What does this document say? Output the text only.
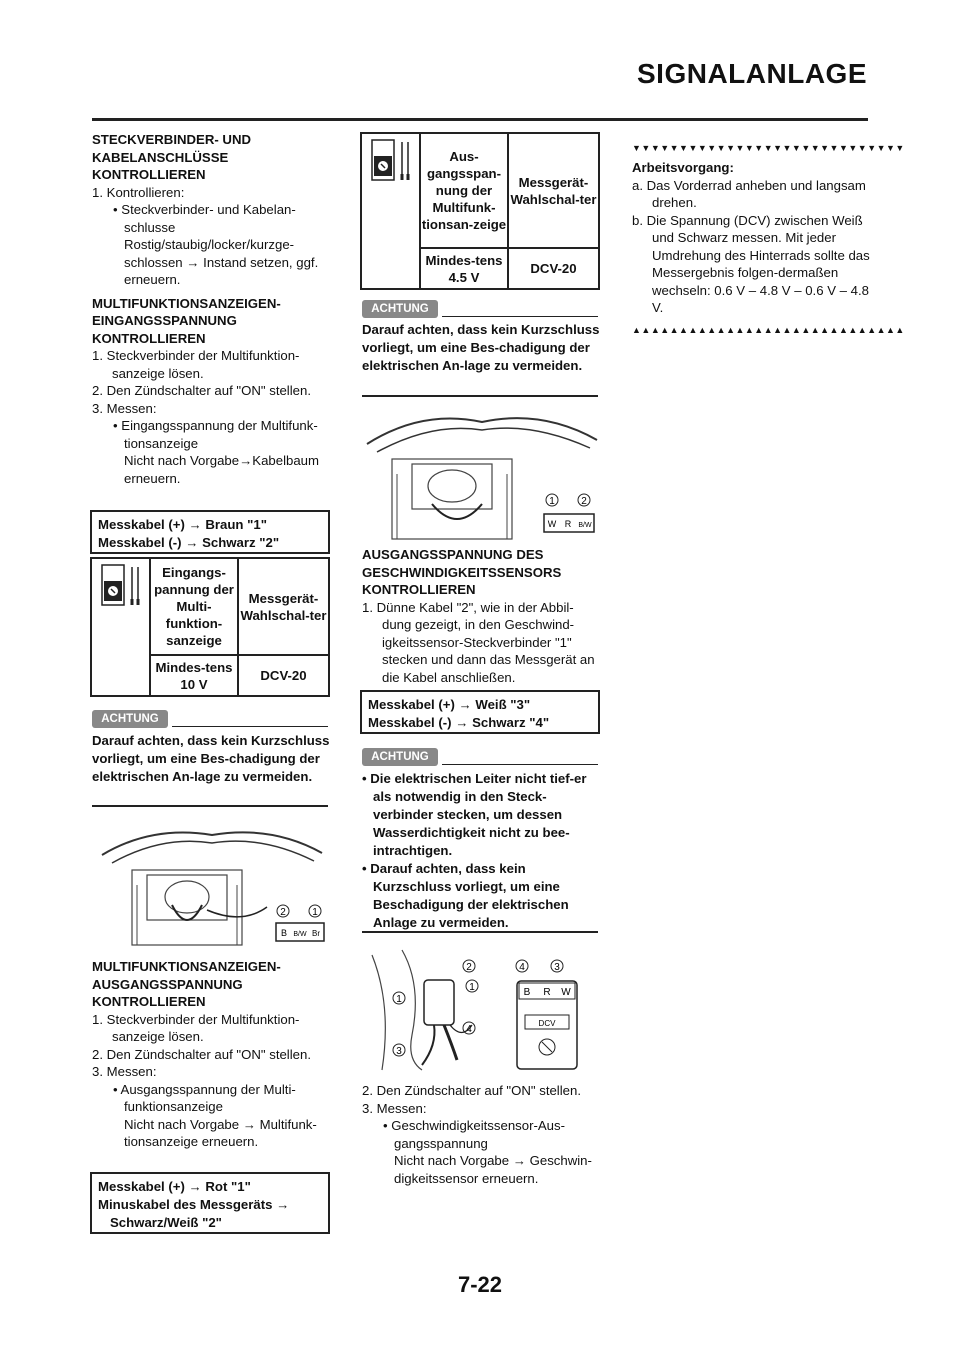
SIGNALANLAGE
STECKVERBINDER- UND KABELANSCHLÜSSE KONTROLLIEREN
1. Kontrollieren:
• Steckverbinder- und Kabelan-schlusse
Rostig/staubig/locker/kurzge-schlossen → Instand setzen, ggf. erneuern.
MULTIFUNKTIONSANZEIGEN-EINGANGSSPANNUNG KONTROLLIEREN
1. Steckverbinder der Multifunktion-sanzeige lösen.
2. Den Zündschalter auf "ON" stellen.
3. Messen:
• Eingangsspannung der Multifunk-tionsanzeige
Nicht nach Vorgabe→Kabelbaum erneuern.
Messkabel (+) → Braun "1"
Messkabel (-) → Schwarz "2"
	Eingangs-pannung der Multi-funktion-sanzeige	Messgerät-Wahlschal-ter
	Mindes-tens 10 V	DCV-20
ACHTUNG
Darauf achten, dass kein Kurzschluss vorliegt, um eine Bes-chadigung der elektrischen An-lage zu vermeiden.
2	1
B B/W Br
MULTIFUNKTIONSANZEIGEN-AUSGANGSSPANNUNG KONTROLLIEREN
1. Steckverbinder der Multifunktion-sanzeige lösen.
2. Den Zündschalter auf "ON" stellen.
3. Messen:
• Ausgangsspannung der Multi-funktionsanzeige
Nicht nach Vorgabe → Multifunk-tionsanzeige erneuern.
Messkabel (+) → Rot "1"
Minuskabel des Messgeräts →
Schwarz/Weiß "2"
	Aus-gangsspan-nung der Multifunk-tionsan-zeige	Messgerät-Wahlschal-ter
	Mindes-tens 4.5 V	DCV-20
ACHTUNG
Darauf achten, dass kein Kurzschluss vorliegt, um eine Bes-chadigung der elektrischen An-lage zu vermeiden.
1	2
W R B/W
AUSGANGSSPANNUNG DES GESCHWINDIGKEITSSENSORS KONTROLLIEREN
1. Dünne Kabel "2", wie in der Abbil-dung gezeigt, in den Geschwind-igkeitssensor-Steckverbinder "1" stecken und dann das Messgerät an die Kabel anschließen.
Messkabel (+) → Weiß "3"
Messkabel (-) → Schwarz "4"
ACHTUNG
• Die elektrischen Leiter nicht tief-er als notwendig in den Steck-verbinder stecken, um dessen Wasserdichtigkeit nicht zu bee-intrachtigen.
• Darauf achten, dass kein Kurzschluss vorliegt, um eine Beschadigung der elektrischen Anlage zu vermeiden.
2
1
1
4
3
4	3
B R W
DCV
2. Den Zündschalter auf "ON" stellen.
3. Messen:
• Geschwindigkeitssensor-Aus-gangsspannung
Nicht nach Vorgabe → Geschwin-digkeitssensor erneuern.
▼▼▼▼▼▼▼▼▼▼▼▼▼▼▼▼▼▼▼▼▼▼▼▼▼▼▼▼▼
Arbeitsvorgang:
a. Das Vorderrad anheben und langsam drehen.
b. Die Spannung (DCV) zwischen Weiß und Schwarz messen. Mit jeder Umdrehung des Hinterrads sollte das Messergebnis folgen-dermaßen wechseln: 0.6 V – 4.8 V – 0.6 V – 4.8 V.
▲▲▲▲▲▲▲▲▲▲▲▲▲▲▲▲▲▲▲▲▲▲▲▲▲▲▲▲▲
7-22
